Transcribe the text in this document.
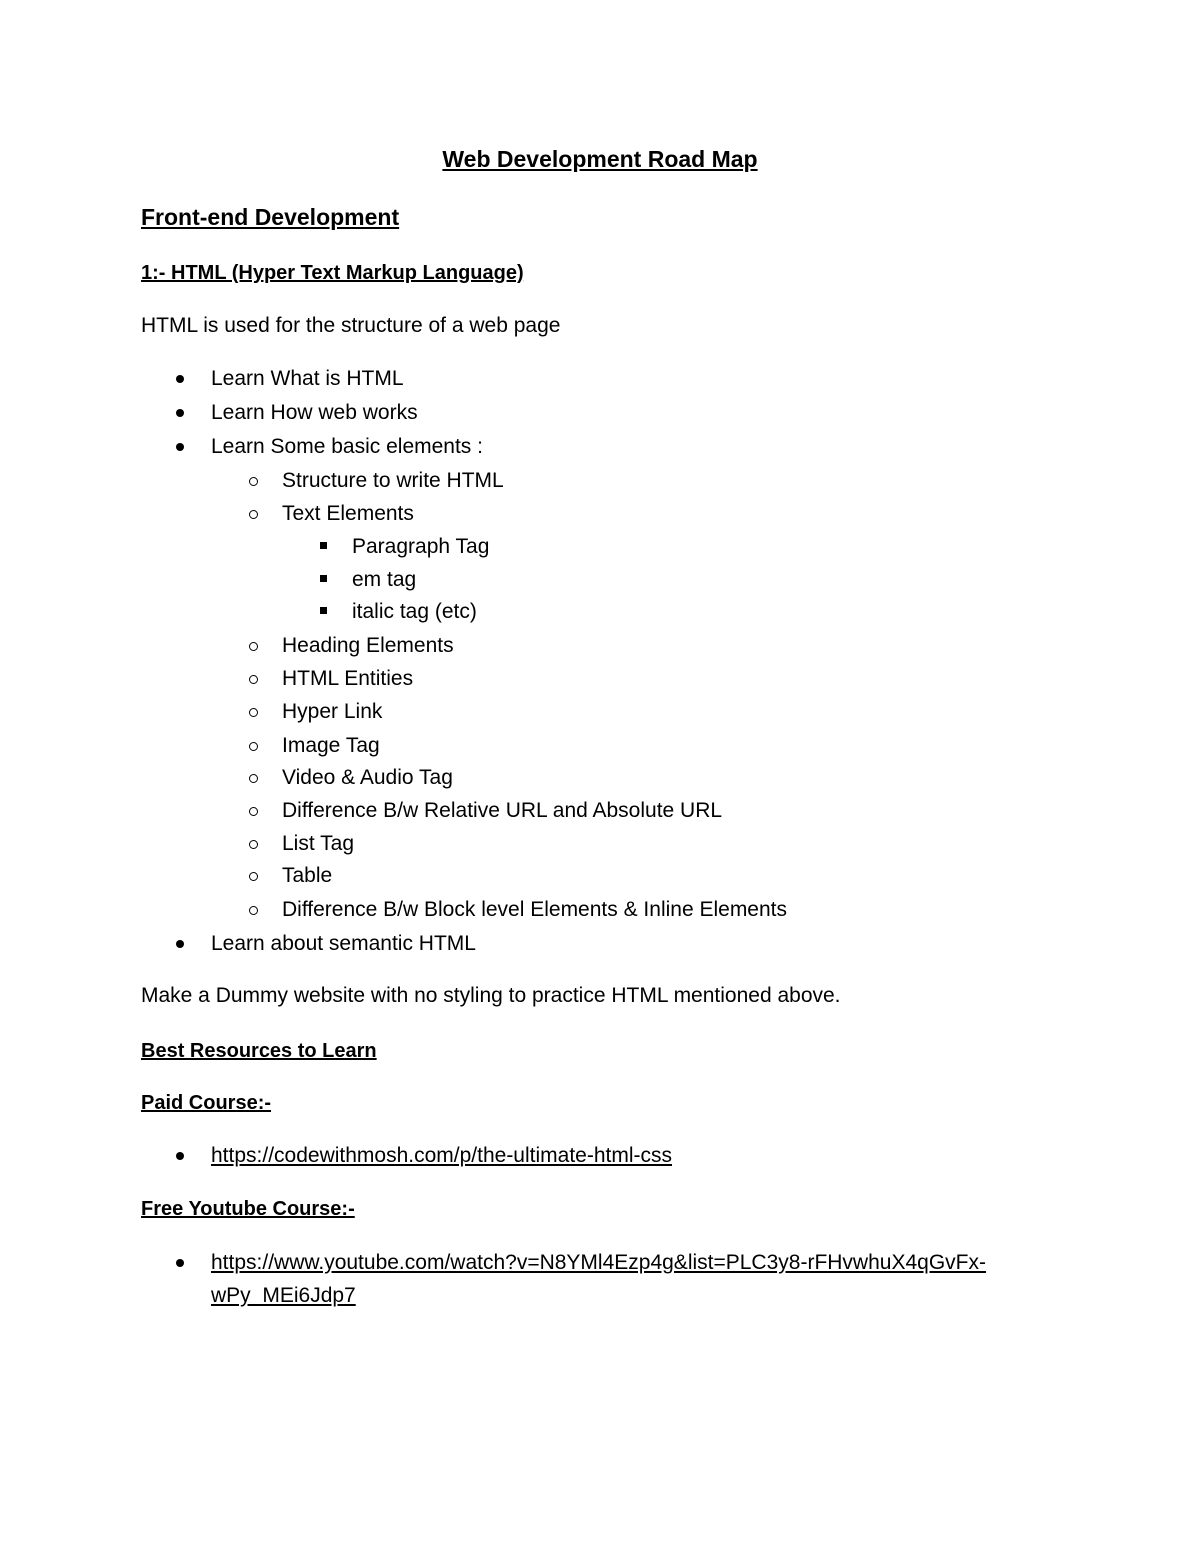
Web Development Road Map
Front-end Development
1:- HTML (Hyper Text Markup Language)
HTML is used for the structure of a web page
Learn What is HTML
Learn How web works
Learn Some basic elements :
Structure to write HTML
Text Elements
Paragraph Tag
em tag
italic tag (etc)
Heading Elements
HTML Entities
Hyper Link
Image Tag
Video & Audio Tag
Difference B/w Relative URL and Absolute URL
List Tag
Table
Difference B/w Block level Elements & Inline Elements
Learn about semantic HTML
Make a Dummy website with no styling to practice HTML mentioned above.
Best Resources to Learn
Paid Course:-
https://codewithmosh.com/p/the-ultimate-html-css
Free Youtube Course:-
https://www.youtube.com/watch?v=N8YMl4Ezp4g&list=PLC3y8-rFHvwhuX4qGvFx-
wPy_MEi6Jdp7
